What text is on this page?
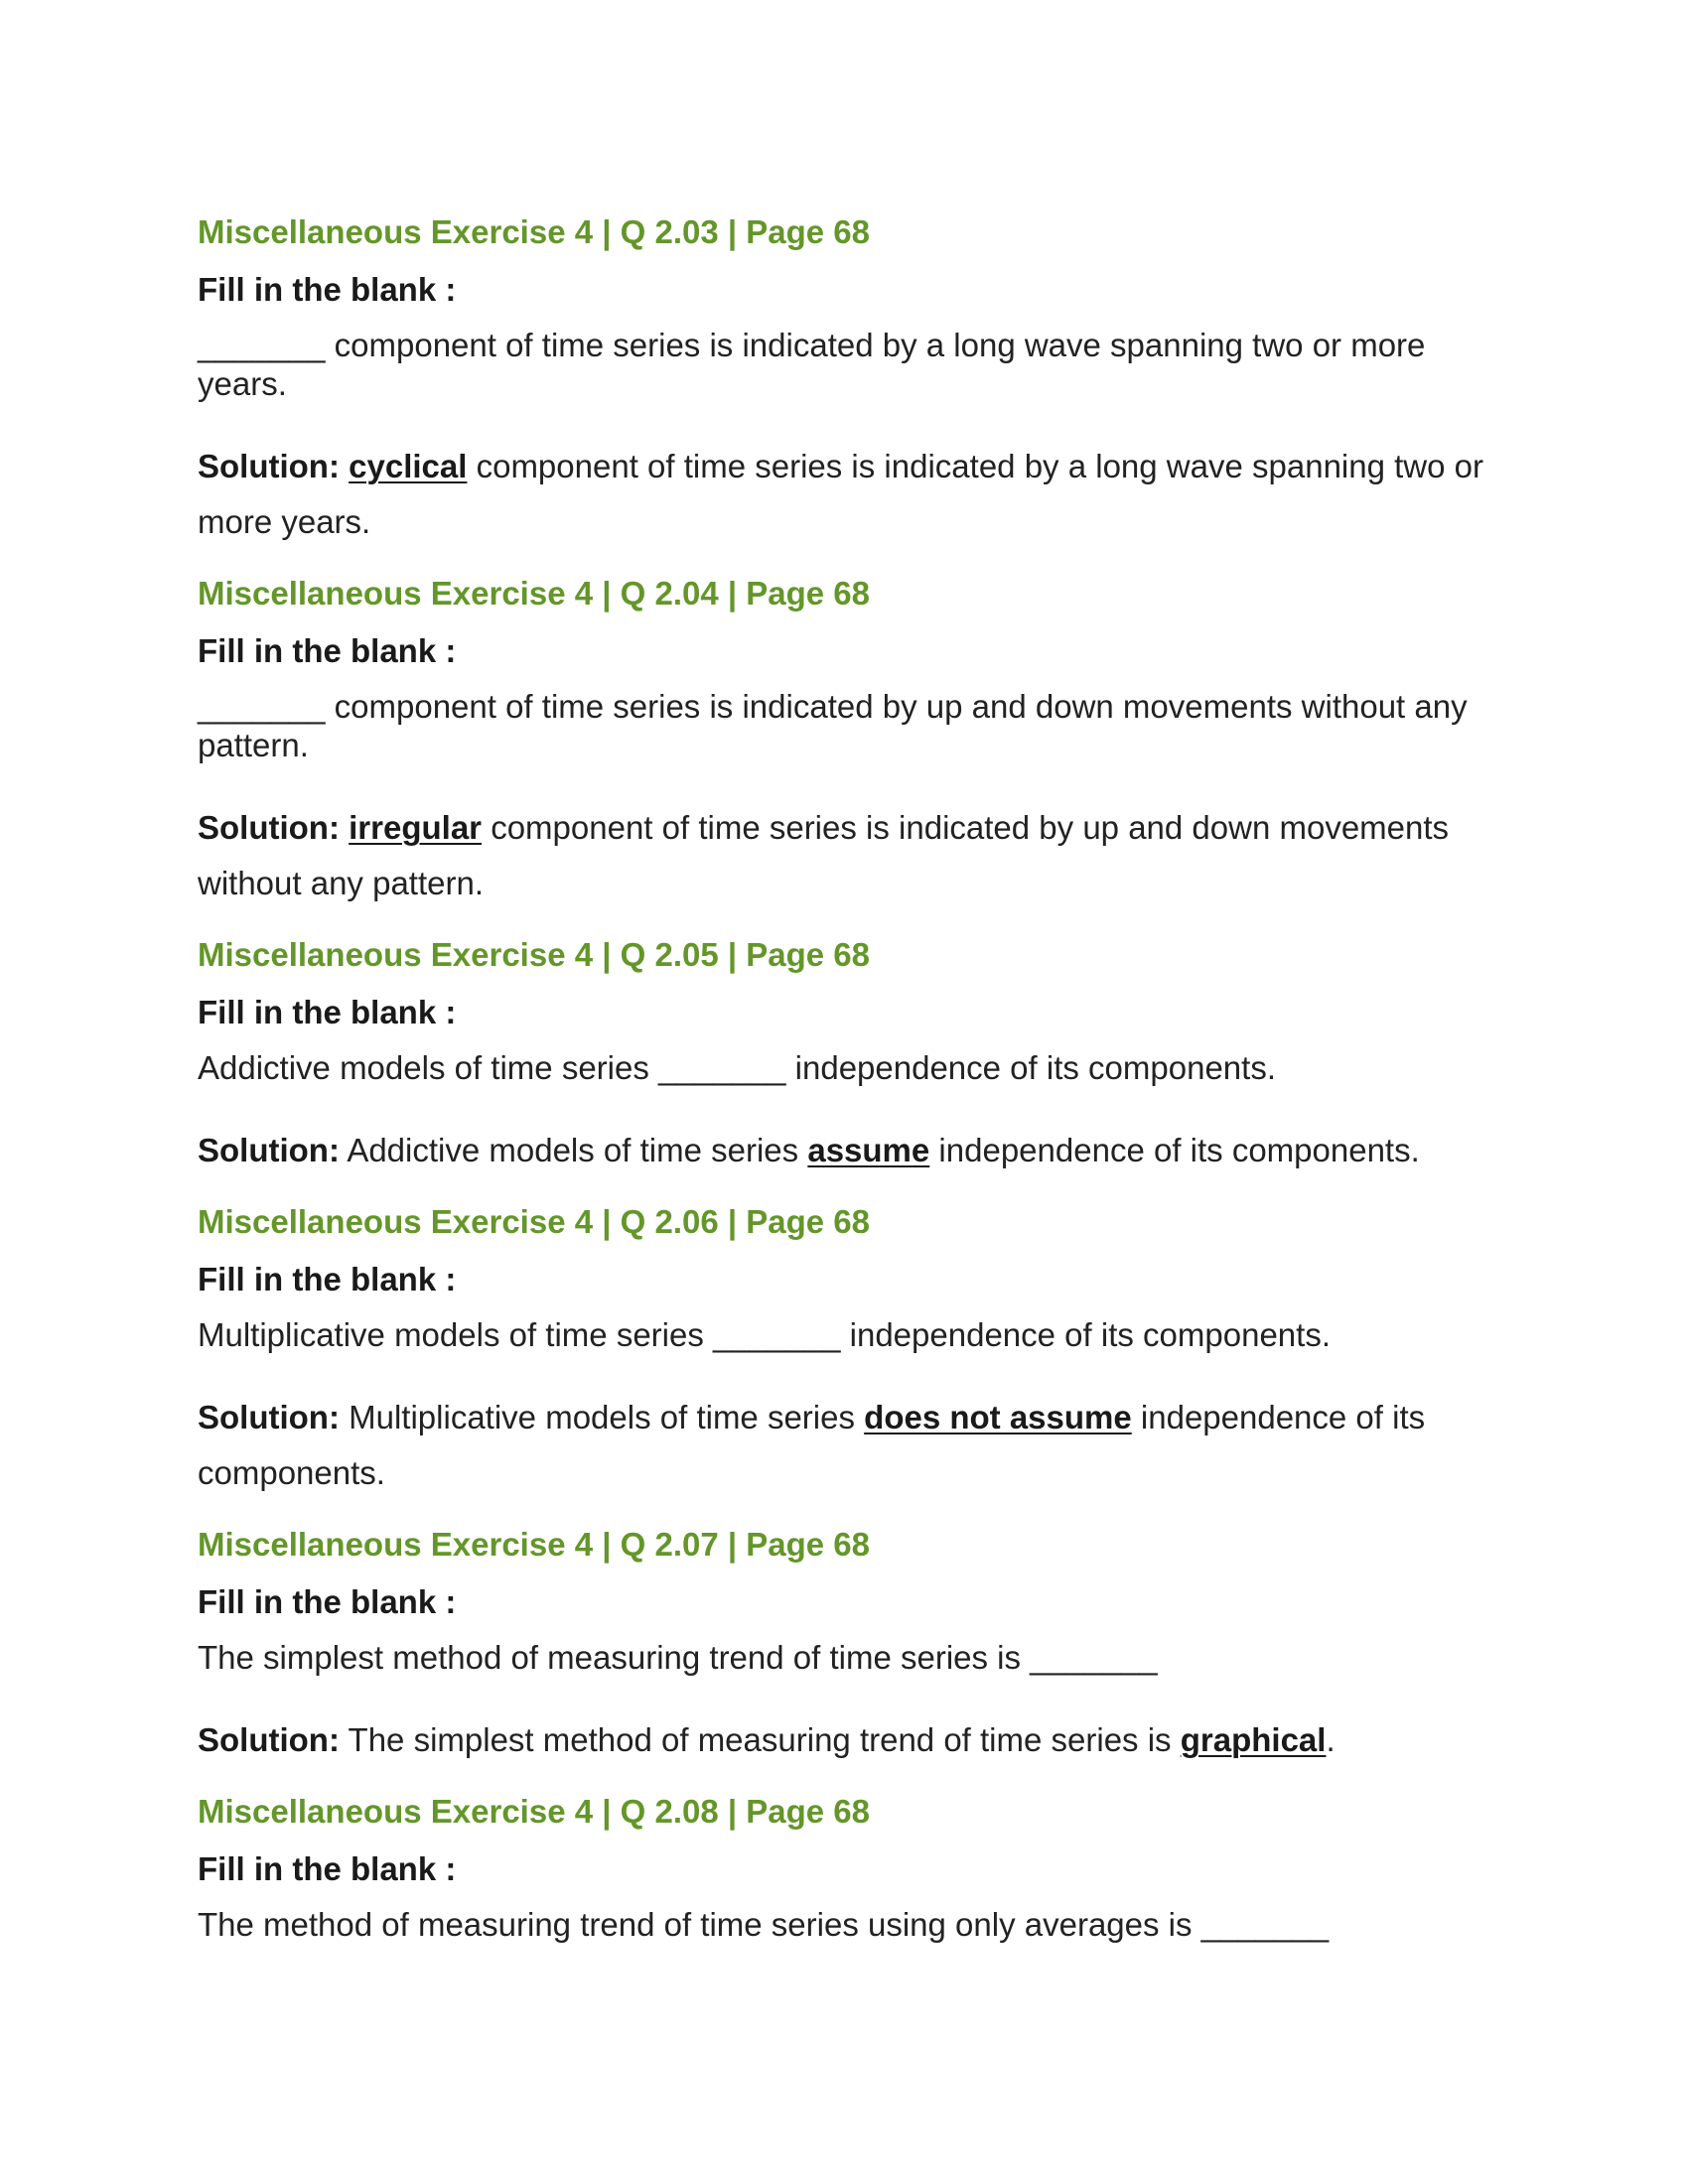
Miscellaneous Exercise 4 | Q 2.03 | Page 68
Fill in the blank :
_______ component of time series is indicated by a long wave spanning two or more years.
Solution: cyclical component of time series is indicated by a long wave spanning two or more years.
Miscellaneous Exercise 4 | Q 2.04 | Page 68
Fill in the blank :
_______ component of time series is indicated by up and down movements without any pattern.
Solution: irregular component of time series is indicated by up and down movements without any pattern.
Miscellaneous Exercise 4 | Q 2.05 | Page 68
Fill in the blank :
Addictive models of time series _______ independence of its components.
Solution: Addictive models of time series assume independence of its components.
Miscellaneous Exercise 4 | Q 2.06 | Page 68
Fill in the blank :
Multiplicative models of time series _______ independence of its components.
Solution: Multiplicative models of time series does not assume independence of its components.
Miscellaneous Exercise 4 | Q 2.07 | Page 68
Fill in the blank :
The simplest method of measuring trend of time series is _______
Solution: The simplest method of measuring trend of time series is graphical.
Miscellaneous Exercise 4 | Q 2.08 | Page 68
Fill in the blank :
The method of measuring trend of time series using only averages is _______
